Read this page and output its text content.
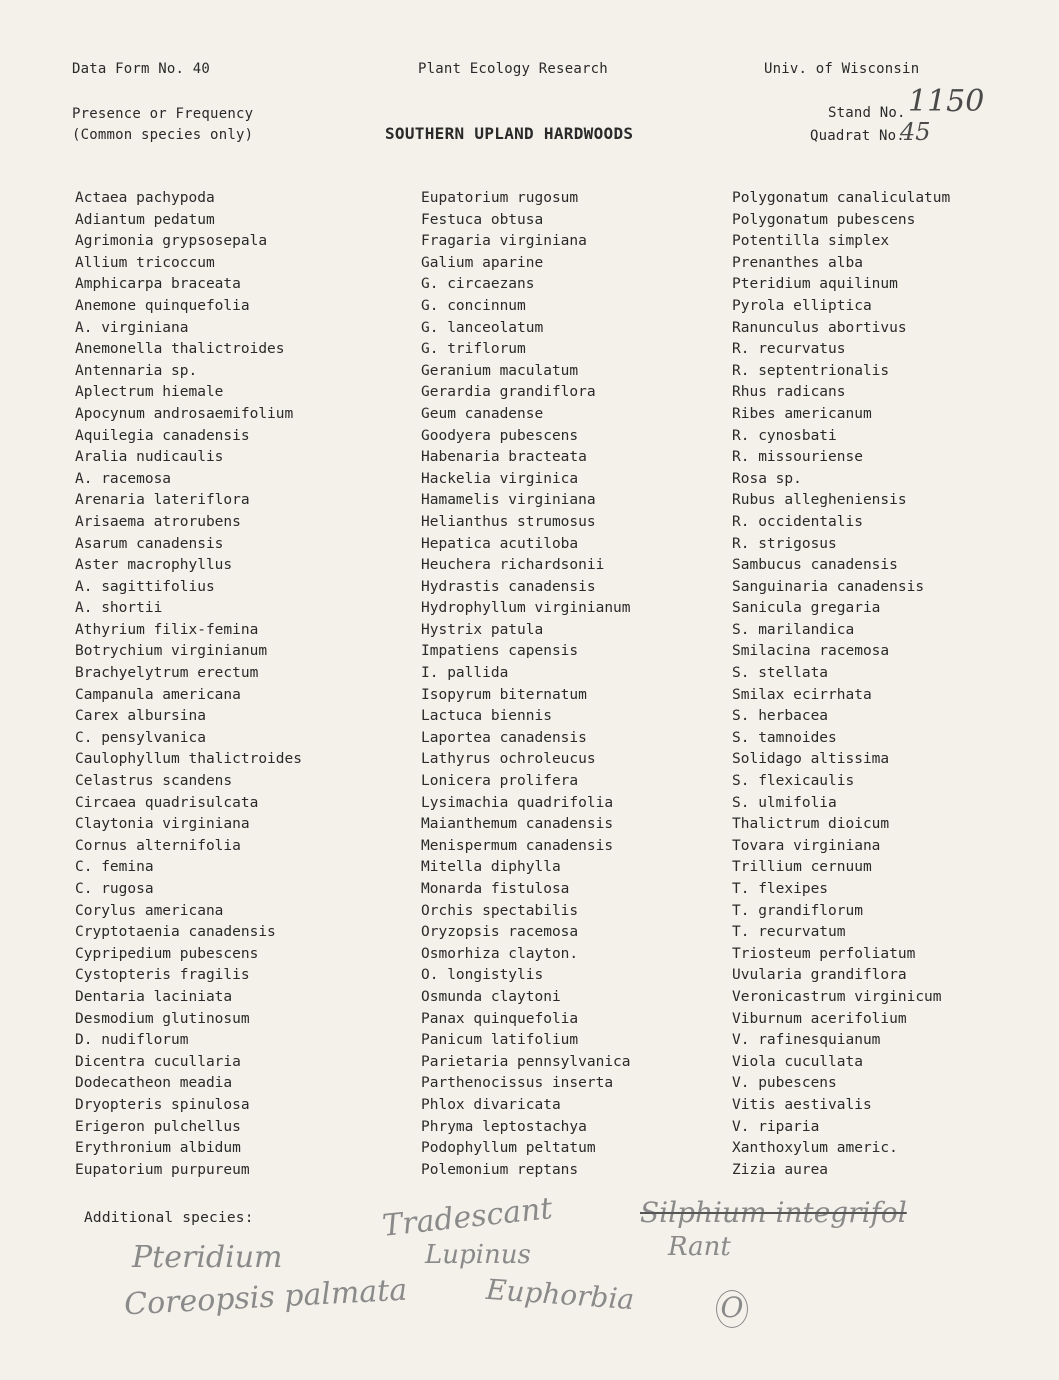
Data Form No. 40	Plant Ecology Research	Univ. of Wisconsin
Presence or Frequency
(Common species only)	SOUTHERN UPLAND HARDWOODS
Stand No. 1150
Quadrat No.
45
Actaea pachypoda
Adiantum pedatum
Agrimonia grypsosepala
Allium tricoccum
Amphicarpa braceata
Anemone quinquefolia
A. virginiana
Anemonella thalictroides
Antennaria sp.
Aplectrum hiemale
Apocynum androsaemifolium
Aquilegia canadensis
Aralia nudicaulis
A. racemosa
Arenaria lateriflora
Arisaema atrorubens
Asarum canadensis
Aster macrophyllus
A. sagittifolius
A. shortii
Athyrium filix-femina
Botrychium virginianum
Brachyelytrum erectum
Campanula americana
Carex albursina
C. pensylvanica
Caulophyllum thalictroides
Celastrus scandens
Circaea quadrisulcata
Claytonia virginiana
Cornus alternifolia
C. femina
C. rugosa
Corylus americana
Cryptotaenia canadensis
Cypripedium pubescens
Cystopteris fragilis
Dentaria laciniata
Desmodium glutinosum
D. nudiflorum
Dicentra cucullaria
Dodecatheon meadia
Dryopteris spinulosa
Erigeron pulchellus
Erythronium albidum
Eupatorium purpureum
Eupatorium rugosum
Festuca obtusa
Fragaria virginiana
Galium aparine
G. circaezans
G. concinnum
G. lanceolatum
G. triflorum
Geranium maculatum
Gerardia grandiflora
Geum canadense
Goodyera pubescens
Habenaria bracteata
Hackelia virginica
Hamamelis virginiana
Helianthus strumosus
Hepatica acutiloba
Heuchera richardsonii
Hydrastis canadensis
Hydrophyllum virginianum
Hystrix patula
Impatiens capensis
I. pallida
Isopyrum biternatum
Lactuca biennis
Laportea canadensis
Lathyrus ochroleucus
Lonicera prolifera
Lysimachia quadrifolia
Maianthemum canadensis
Menispermum canadensis
Mitella diphylla
Monarda fistulosa
Orchis spectabilis
Oryzopsis racemosa
Osmorhiza clayton.
O. longistylis
Osmunda claytoni
Panax quinquefolia
Panicum latifolium
Parietaria pennsylvanica
Parthenocissus inserta
Phlox divaricata
Phryma leptostachya
Podophyllum peltatum
Polemonium reptans
Polygonatum canaliculatum
Polygonatum pubescens
Potentilla simplex
Prenanthes alba
Pteridium aquilinum
Pyrola elliptica
Ranunculus abortivus
R. recurvatus
R. septentrionalis
Rhus radicans
Ribes americanum
R. cynosbati
R. missouriense
Rosa sp.
Rubus allegheniensis
R. occidentalis
R. strigosus
Sambucus canadensis
Sanguinaria canadensis
Sanicula gregaria
S. marilandica
Smilacina racemosa
S. stellata
Smilax ecirrhata
S. herbacea
S. tamnoides
Solidago altissima
S. flexicaulis
S. ulmifolia
Thalictrum dioicum
Tovara virginiana
Trillium cernuum
T. flexipes
T. grandiflorum
T. recurvatum
Triosteum perfoliatum
Uvularia grandiflora
Veronicastrum virginicum
Viburnum acerifolium
V. rafinesquianum
Viola cucullata
V. pubescens
Vitis aestivalis
V. riparia
Xanthoxylum americ.
Zizia aurea
Additional species:	Tradescant
Lupinus
Euphorbia
Silphium integrifol
Rant
Pteridium
Coreopsis palmata	O
